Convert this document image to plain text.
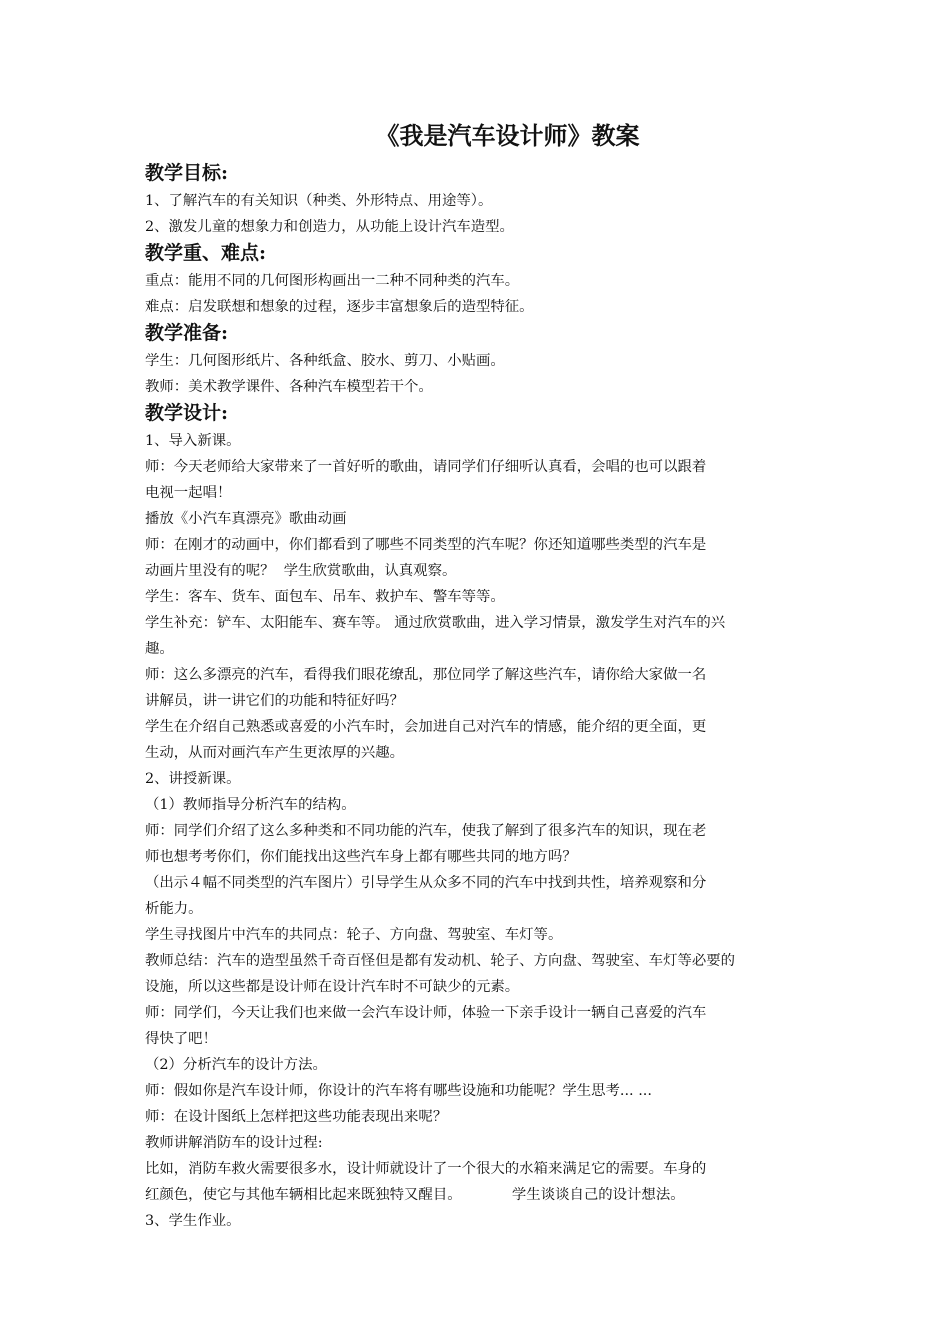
《我是汽车设计师》教案
教学目标:
1、了解汽车的有关知识（种类、外形特点、用途等）。
2、激发儿童的想象力和创造力，从功能上设计汽车造型。
教学重、难点:
重点：能用不同的几何图形构画出一二种不同种类的汽车。
难点：启发联想和想象的过程，逐步丰富想象后的造型特征。
教学准备:
学生：几何图形纸片、各种纸盒、胶水、剪刀、小贴画。
教师：美术教学课件、各种汽车模型若干个。
教学设计:
1、导入新课。
师：今天老师给大家带来了一首好听的歌曲，请同学们仔细听认真看，会唱的也可以跟着
电视一起唱！
播放《小汽车真漂亮》歌曲动画
师：在刚才的动画中，你们都看到了哪些不同类型的汽车呢？你还知道哪些类型的汽车是
动画片里没有的呢？  学生欣赏歌曲，认真观察。
学生：客车、货车、面包车、吊车、救护车、警车等等。
学生补充：铲车、太阳能车、赛车等。 通过欣赏歌曲，进入学习情景，激发学生对汽车的兴
趣。
师：这么多漂亮的汽车，看得我们眼花缭乱，那位同学了解这些汽车，请你给大家做一名
讲解员，讲一讲它们的功能和特征好吗？
学生在介绍自己熟悉或喜爱的小汽车时，会加进自己对汽车的情感，能介绍的更全面，更
生动，从而对画汽车产生更浓厚的兴趣。
2、讲授新课。
（1）教师指导分析汽车的结构。
师：同学们介绍了这么多种类和不同功能的汽车，使我了解到了很多汽车的知识，现在老
师也想考考你们，你们能找出这些汽车身上都有哪些共同的地方吗？
（出示４幅不同类型的汽车图片）引导学生从众多不同的汽车中找到共性，培养观察和分
析能力。
学生寻找图片中汽车的共同点：轮子、方向盘、驾驶室、车灯等。
教师总结：汽车的造型虽然千奇百怪但是都有发动机、轮子、方向盘、驾驶室、车灯等必要的
设施，所以这些都是设计师在设计汽车时不可缺少的元素。
师：同学们，今天让我们也来做一会汽车设计师，体验一下亲手设计一辆自己喜爱的汽车
得快了吧！
（2）分析汽车的设计方法。
师：假如你是汽车设计师，你设计的汽车将有哪些设施和功能呢？学生思考... ...
师：在设计图纸上怎样把这些功能表现出来呢？
教师讲解消防车的设计过程:
比如，消防车救火需要很多水，设计师就设计了一个很大的水箱来满足它的需要。车身的
红颜色，使它与其他车辆相比起来既独特又醒目。           学生谈谈自己的设计想法。
3、学生作业。
